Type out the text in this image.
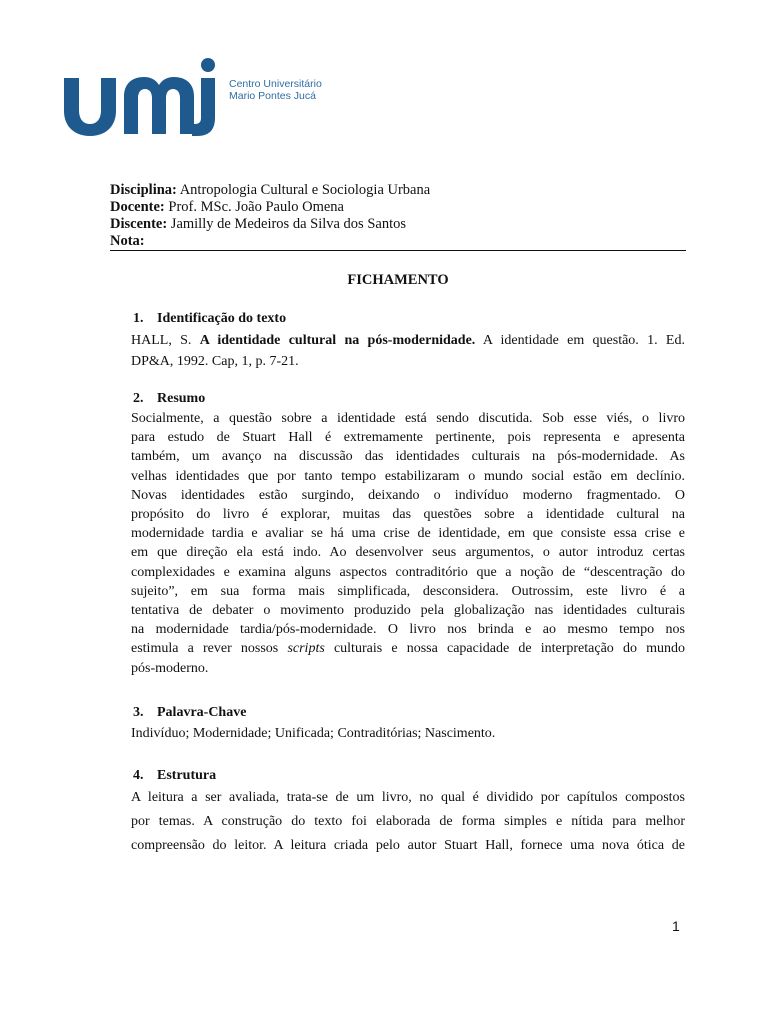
Centro Universitário
Mario Pontes Jucá
Disciplina: Antropologia Cultural e Sociologia Urbana
Docente: Prof. MSc. João Paulo Omena
Discente: Jamilly de Medeiros da Silva dos Santos
Nota:
FICHAMENTO
1. Identificação do texto
HALL, S. A identidade cultural na pós-modernidade. A identidade em questão. 1. Ed.
DP&A, 1992. Cap, 1, p. 7-21.
2. Resumo
Socialmente, a questão sobre a identidade está sendo discutida. Sob esse viés, o livro
para estudo de Stuart Hall é extremamente pertinente, pois representa e apresenta
também, um avanço na discussão das identidades culturais na pós-modernidade. As
velhas identidades que por tanto tempo estabilizaram o mundo social estão em declínio.
Novas identidades estão surgindo, deixando o indivíduo moderno fragmentado. O
propósito do livro é explorar, muitas das questões sobre a identidade cultural na
modernidade tardia e avaliar se há uma crise de identidade, em que consiste essa crise e
em que direção ela está indo. Ao desenvolver seus argumentos, o autor introduz certas
complexidades e examina alguns aspectos contraditório que a noção de “descentração do
sujeito”, em sua forma mais simplificada, desconsidera. Outrossim, este livro é a
tentativa de debater o movimento produzido pela globalização nas identidades culturais
na modernidade tardia/pós-modernidade. O livro nos brinda e ao mesmo tempo nos
estimula a rever nossos scripts culturais e nossa capacidade de interpretação do mundo
pós-moderno.
3. Palavra-Chave
Indivíduo; Modernidade; Unificada; Contraditórias; Nascimento.
4. Estrutura
A leitura a ser avaliada, trata-se de um livro, no qual é dividido por capítulos compostos
por temas. A construção do texto foi elaborada de forma simples e nítida para melhor
compreensão do leitor. A leitura criada pelo autor Stuart Hall, fornece uma nova ótica de
1
